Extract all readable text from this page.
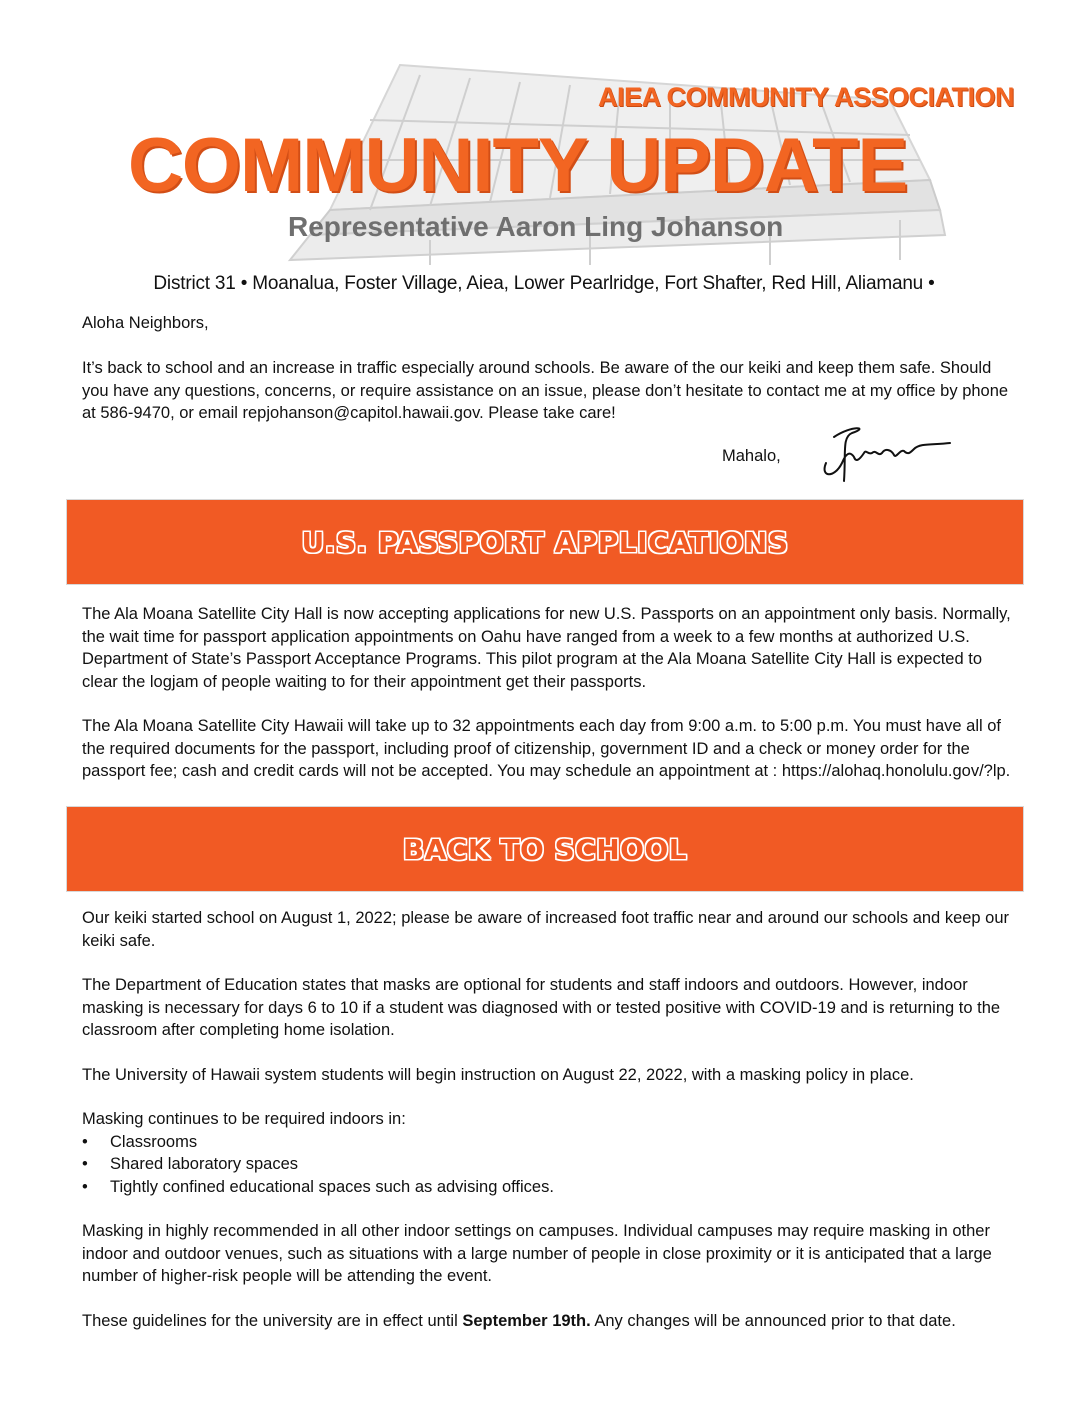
AIEA COMMUNITY ASSOCIATION
COMMUNITY UPDATE
Representative Aaron Ling Johanson
District 31 • Moanalua, Foster Village, Aiea, Lower Pearlridge, Fort Shafter, Red Hill, Aliamanu •
Aloha Neighbors,
It’s back to school and an increase in traffic especially around schools. Be aware of the our keiki and keep them safe. Should you have any questions, concerns, or require assistance on an issue, please don’t hesitate to contact me at my office by phone at 586-9470, or email repjohanson@capitol.hawaii.gov. Please take care!
Mahalo,
U.S. PASSPORT APPLICATIONS
The Ala Moana Satellite City Hall is now accepting applications for new U.S. Passports on an appointment only basis. Normally, the wait time for passport application appointments on Oahu have ranged from a week to a few months at authorized U.S. Department of State’s Passport Acceptance Programs. This pilot program at the Ala Moana Satellite City Hall is expected to clear the logjam of people waiting to for their appointment get their passports.
The Ala Moana Satellite City Hawaii will take up to 32 appointments each day from 9:00 a.m. to 5:00 p.m. You must have all of the required documents for the passport, including proof of citizenship, government ID and a check or money order for the passport fee; cash and credit cards will not be accepted. You may schedule an appointment at : https://alohaq.honolulu.gov/?lp.
BACK TO SCHOOL
Our keiki started school on August 1, 2022; please be aware of increased foot traffic near and around our schools and keep our keiki safe.
The Department of Education states that masks are optional for students and staff indoors and outdoors. However, indoor masking is necessary for days 6 to 10 if a student was diagnosed with or tested positive with COVID-19 and is returning to the classroom after completing home isolation.
The University of Hawaii system students will begin instruction on August 22, 2022, with a masking policy in place.

Masking continues to be required indoors in:

• Classrooms
• Shared laboratory spaces
• Tightly confined educational spaces such as advising offices.
Masking in highly recommended in all other indoor settings on campuses. Individual campuses may require masking in other indoor and outdoor venues, such as situations with a large number of people in close proximity or it is anticipated that a large number of higher-risk people will be attending the event.
These guidelines for the university are in effect until September 19th. Any changes will be announced prior to that date.
